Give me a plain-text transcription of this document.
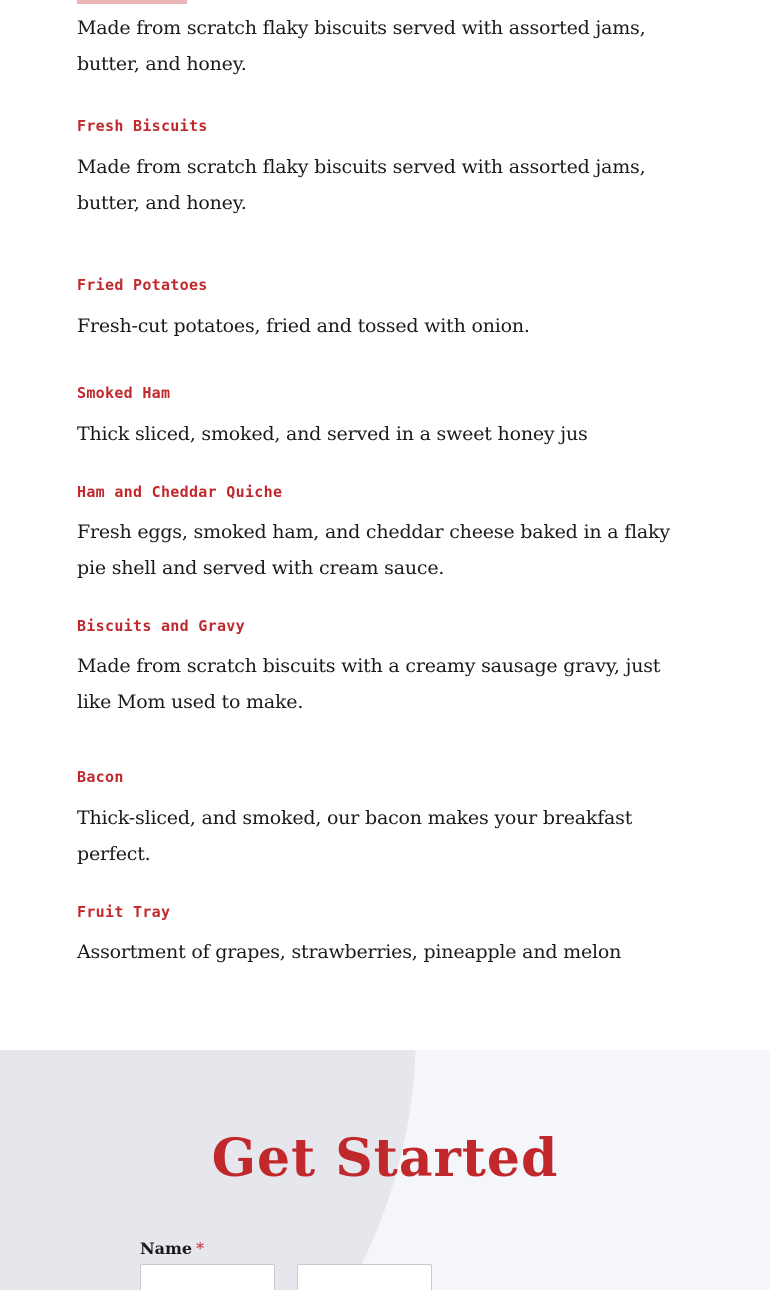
Made from scratch flaky biscuits served with assorted jams, butter, and honey.

Fresh Biscuits

Made from scratch flaky biscuits served with assorted jams, butter, and honey.

Fried Potatoes

Fresh-cut potatoes, fried and tossed with onion.

Smoked Ham

Thick sliced, smoked, and served in a sweet honey jus

Ham and Cheddar Quiche

Fresh eggs, smoked ham, and cheddar cheese baked in a flaky pie shell and served with cream sauce.

Biscuits and Gravy

Made from scratch biscuits with a creamy sausage gravy, just like Mom used to make.

Bacon

Thick-sliced, and smoked, our bacon makes your breakfast perfect.

Fruit Tray

Assortment of grapes, strawberries, pineapple and melon

Get Started
Name *
